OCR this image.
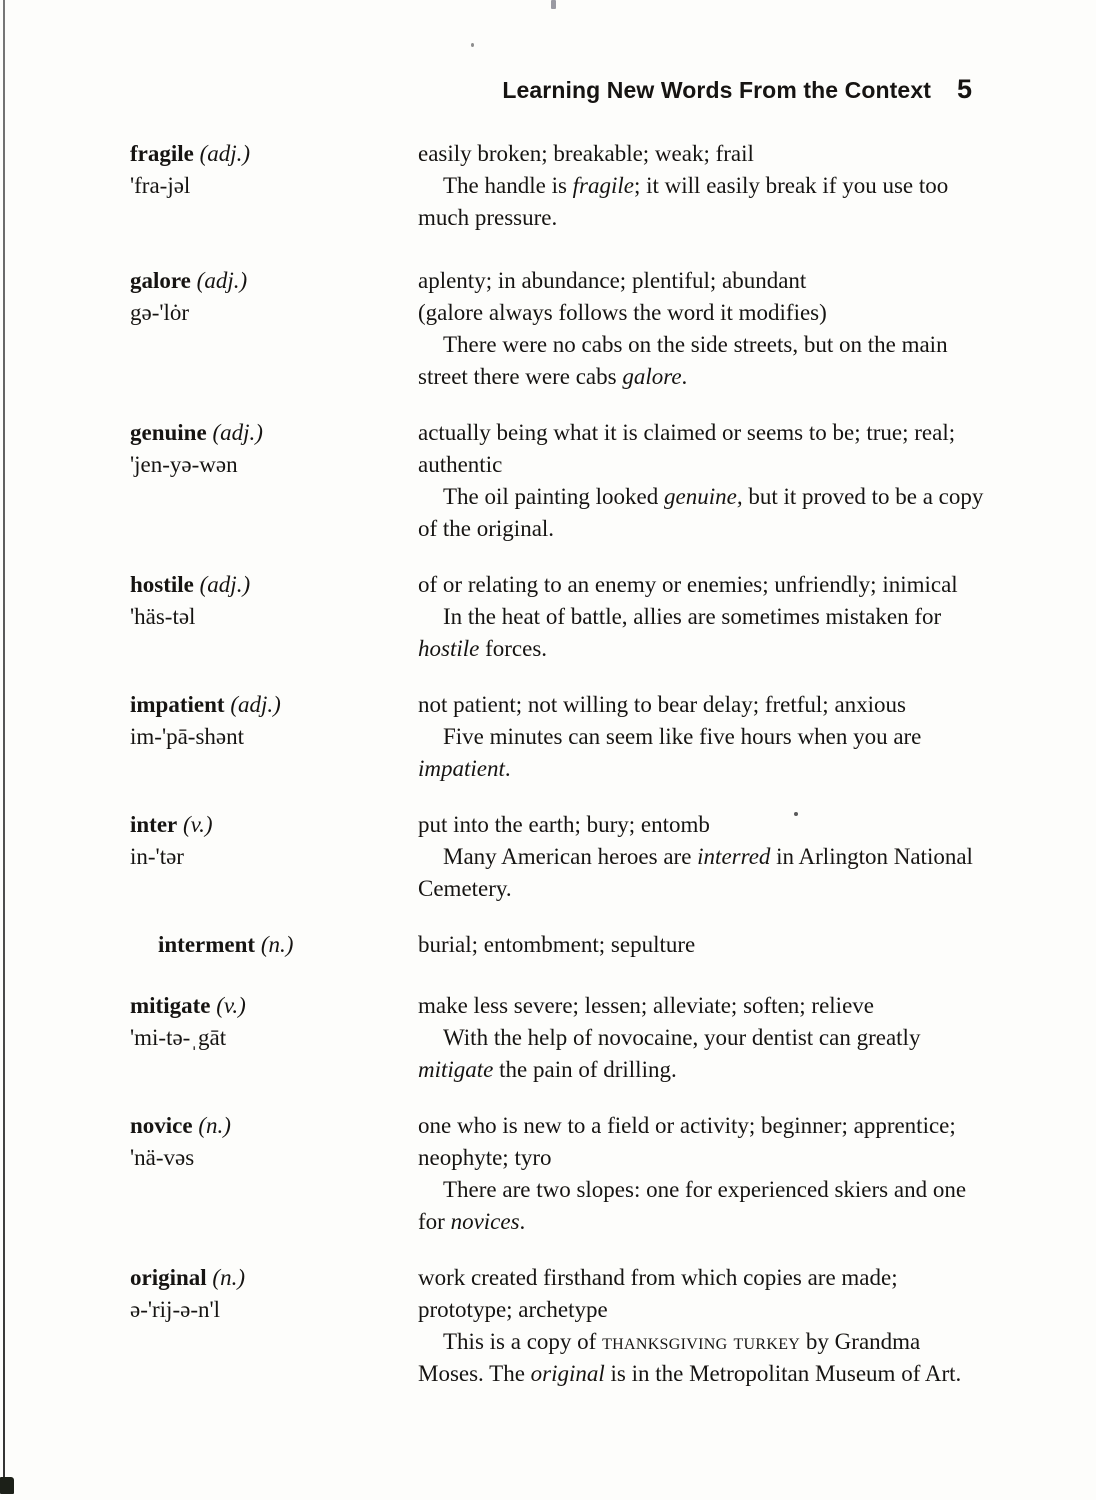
Learning New Words From the Context 5
fragile (adj.)
'fra-jəl

easily broken; breakable; weak; frail

The handle is fragile; it will easily break if you use too much pressure.

galore (adj.)
gə-'lȯr

aplenty; in abundance; plentiful; abundant

(galore always follows the word it modifies)

There were no cabs on the side streets, but on the main street there were cabs galore.

genuine (adj.)
'jen-yə-wən

actually being what it is claimed or seems to be; true; real; authentic

The oil painting looked genuine, but it proved to be a copy of the original.

hostile (adj.)
'häs-təl

of or relating to an enemy or enemies; unfriendly; inimical

In the heat of battle, allies are sometimes mistaken for hostile forces.

impatient (adj.)
im-'pā-shənt

not patient; not willing to bear delay; fretful; anxious

Five minutes can seem like five hours when you are impatient.

inter (v.)
in-'tər

put into the earth; bury; entomb

Many American heroes are interred in Arlington National Cemetery.

interment (n.)	burial; entombment; sepulture

mitigate (v.)
'mi-tə-ˌgāt

make less severe; lessen; alleviate; soften; relieve

With the help of novocaine, your dentist can greatly mitigate the pain of drilling.

novice (n.)
'nä-vəs

one who is new to a field or activity; beginner; apprentice; neophyte; tyro

There are two slopes: one for experienced skiers and one for novices.

original (n.)
ə-'rij-ə-n'l

work created firsthand from which copies are made; prototype; archetype

This is a copy of thanksgiving turkey by Grandma Moses. The original is in the Metropolitan Museum of Art.
